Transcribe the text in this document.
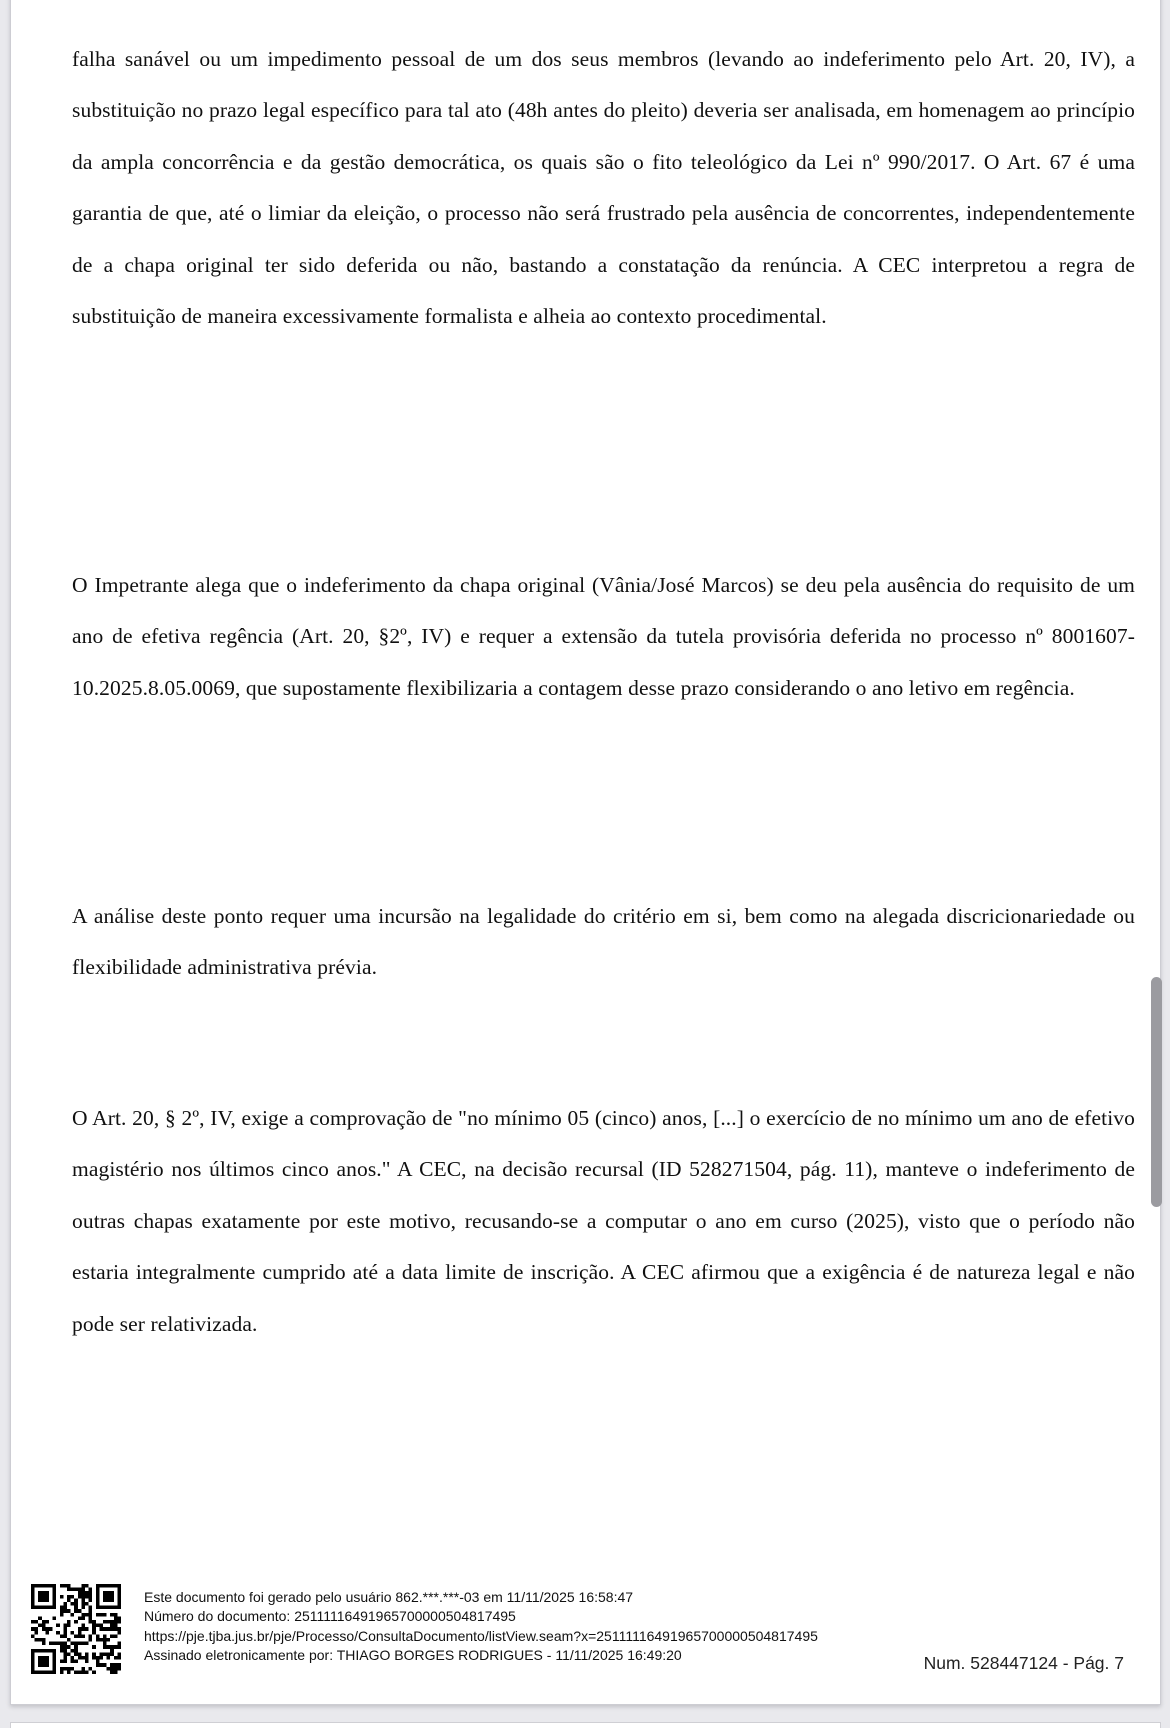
falha sanável ou um impedimento pessoal de um dos seus membros (levando ao indeferimento pelo Art. 20, IV), a substituição no prazo legal específico para tal ato (48h antes do pleito) deveria ser analisada, em homenagem ao princípio da ampla concorrência e da gestão democrática, os quais são o fito teleológico da Lei nº 990/2017. O Art. 67 é uma garantia de que, até o limiar da eleição, o processo não será frustrado pela ausência de concorrentes, independentemente de a chapa original ter sido deferida ou não, bastando a constatação da renúncia. A CEC interpretou a regra de substituição de maneira excessivamente formalista e alheia ao contexto procedimental.

O Impetrante alega que o indeferimento da chapa original (Vânia/José Marcos) se deu pela ausência do requisito de um ano de efetiva regência (Art. 20, §2º, IV) e requer a extensão da tutela provisória deferida no processo nº 8001607-10.2025.8.05.0069, que supostamente flexibilizaria a contagem desse prazo considerando o ano letivo em regência.

A análise deste ponto requer uma incursão na legalidade do critério em si, bem como na alegada discricionariedade ou flexibilidade administrativa prévia.

O Art. 20, § 2º, IV, exige a comprovação de "no mínimo 05 (cinco) anos, [...] o exercício de no mínimo um ano de efetivo magistério nos últimos cinco anos." A CEC, na decisão recursal (ID 528271504, pág. 11), manteve o indeferimento de outras chapas exatamente por este motivo, recusando-se a computar o ano em curso (2025), visto que o período não estaria integralmente cumprido até a data limite de inscrição. A CEC afirmou que a exigência é de natureza legal e não pode ser relativizada.

Este documento foi gerado pelo usuário 862.***.***-03 em 11/11/2025 16:58:47
Número do documento: 25111116491965700000504817495
https://pje.tjba.jus.br/pje/Processo/ConsultaDocumento/listView.seam?x=25111116491965700000504817495
Assinado eletronicamente por: THIAGO BORGES RODRIGUES - 11/11/2025 16:49:20	Num. 528447124 - Pág. 7
